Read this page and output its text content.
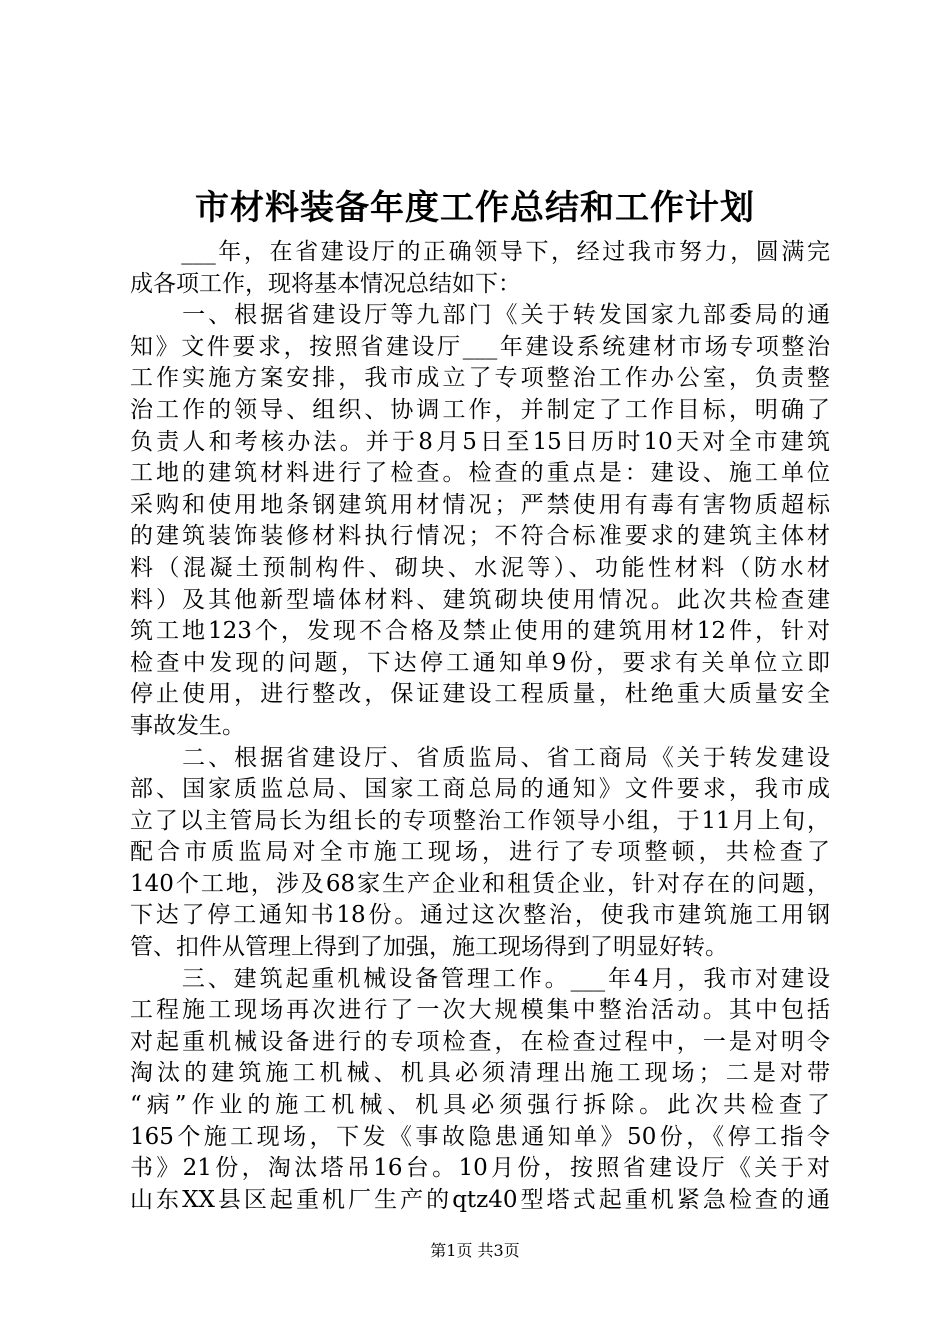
市材料装备年度工作总结和工作计划
　　___年，在省建设厅的正确领导下，经过我市努力，圆满完
成各项工作，现将基本情况总结如下：
　　一、根据省建设厅等九部门《关于转发国家九部委局的通
知》文件要求，按照省建设厅___年建设系统建材市场专项整治
工作实施方案安排，我市成立了专项整治工作办公室，负责整
治工作的领导、组织、协调工作，并制定了工作目标，明确了
负责人和考核办法。并于8月5日至15日历时10天对全市建筑
工地的建筑材料进行了检查。检查的重点是：建设、施工单位
采购和使用地条钢建筑用材情况；严禁使用有毒有害物质超标
的建筑装饰装修材料执行情况；不符合标准要求的建筑主体材
料（混凝土预制构件、砌块、水泥等）、功能性材料（防水材
料）及其他新型墙体材料、建筑砌块使用情况。此次共检查建
筑工地123个，发现不合格及禁止使用的建筑用材12件，针对
检查中发现的问题，下达停工通知单9份，要求有关单位立即
停止使用，进行整改，保证建设工程质量，杜绝重大质量安全
事故发生。
　　二、根据省建设厅、省质监局、省工商局《关于转发建设
部、国家质监总局、国家工商总局的通知》文件要求，我市成
立了以主管局长为组长的专项整治工作领导小组，于11月上旬，
配合市质监局对全市施工现场，进行了专项整顿，共检查了
140个工地，涉及68家生产企业和租赁企业，针对存在的问题，
下达了停工通知书18份。通过这次整治，使我市建筑施工用钢
管、扣件从管理上得到了加强，施工现场得到了明显好转。
　　三、建筑起重机械设备管理工作。___年4月，我市对建设
工程施工现场再次进行了一次大规模集中整治活动。其中包括
对起重机械设备进行的专项检查，在检查过程中，一是对明令
淘汰的建筑施工机械、机具必须清理出施工现场；二是对带
“病”作业的施工机械、机具必须强行拆除。此次共检查了
165个施工现场，下发《事故隐患通知单》50份，《停工指令
书》21份，淘汰塔吊16台。10月份，按照省建设厅《关于对
山东XX县区起重机厂生产的qtz40型塔式起重机紧急检查的通
第1页 共3页
